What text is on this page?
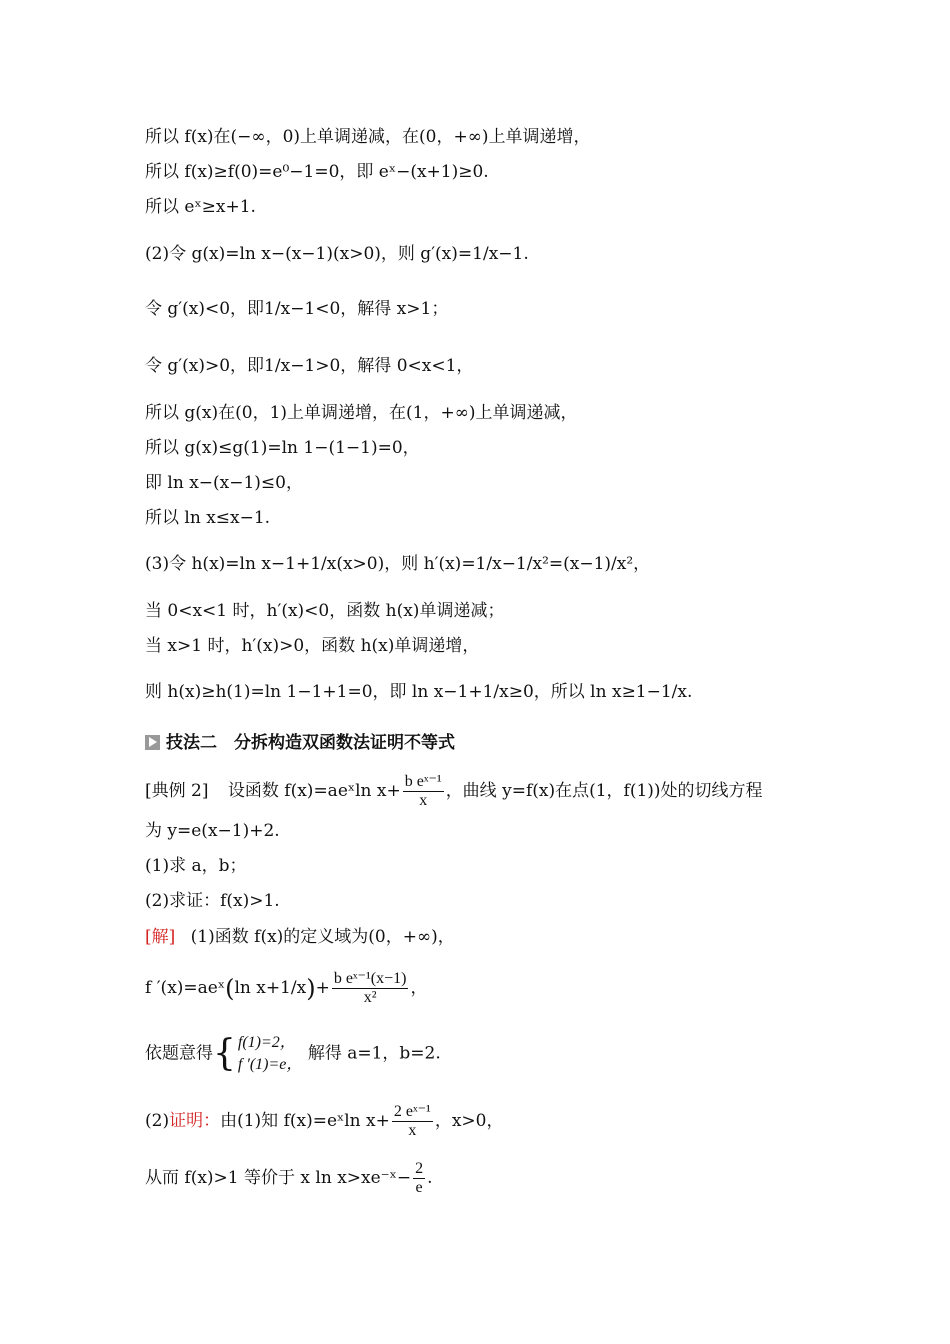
所以 f(x)在(−∞，0)上单调递减，在(0，+∞)上单调递增，
所以 f(x)≥f(0)=e⁰−1=0，即 eˣ−(x+1)≥0.
所以 eˣ≥x+1.
(2)令 g(x)=ln x−(x−1)(x>0)，则 g′(x)=1/x−1.
令 g′(x)<0，即1/x−1<0，解得 x>1；
令 g′(x)>0，即1/x−1>0，解得 0<x<1，
所以 g(x)在(0，1)上单调递增，在(1，+∞)上单调递减，
所以 g(x)≤g(1)=ln 1−(1−1)=0，
即 ln x−(x−1)≤0，
所以 ln x≤x−1.
(3)令 h(x)=ln x−1+1/x(x>0)，则 h′(x)=1/x−1/x²=(x−1)/x²，
当 0<x<1 时，h′(x)<0，函数 h(x)单调递减；
当 x>1 时，h′(x)>0，函数 h(x)单调递增，
则 h(x)≥h(1)=ln 1−1+1=0，即 ln x−1+1/x≥0，所以 ln x≥1−1/x.
技法二　分拆构造双函数法证明不等式
[典例 2] 设函数 f(x)=aeˣln $x+ \frac{\text{b eˣ⁻¹}}{x}$ ，曲线 y=f(x)在点(1，f(1))处的切线方程
为 y=e(x−1)+2.
(1)求 a，b；
(2)求证：f(x)>1.
[解] (1)函数 f(x)的定义域为(0，+∞)，
f ′(x)=aeˣ(ln $x+1/x)+ \frac{\text{b eˣ⁻¹(x−1)}}{\text{x²}}$ ，
依题意得{ f(1)=2，
f ′(1)=e，
解得 a=1，b=2.
(2)证明：由(1)知 f(x)=eˣln $x+ \frac{\text{2 eˣ⁻¹}}{x}$ ，x>0，
从而 f(x)>1 等价于 x ln x>xe⁻ˣ− $\frac{2}{e}$ .
